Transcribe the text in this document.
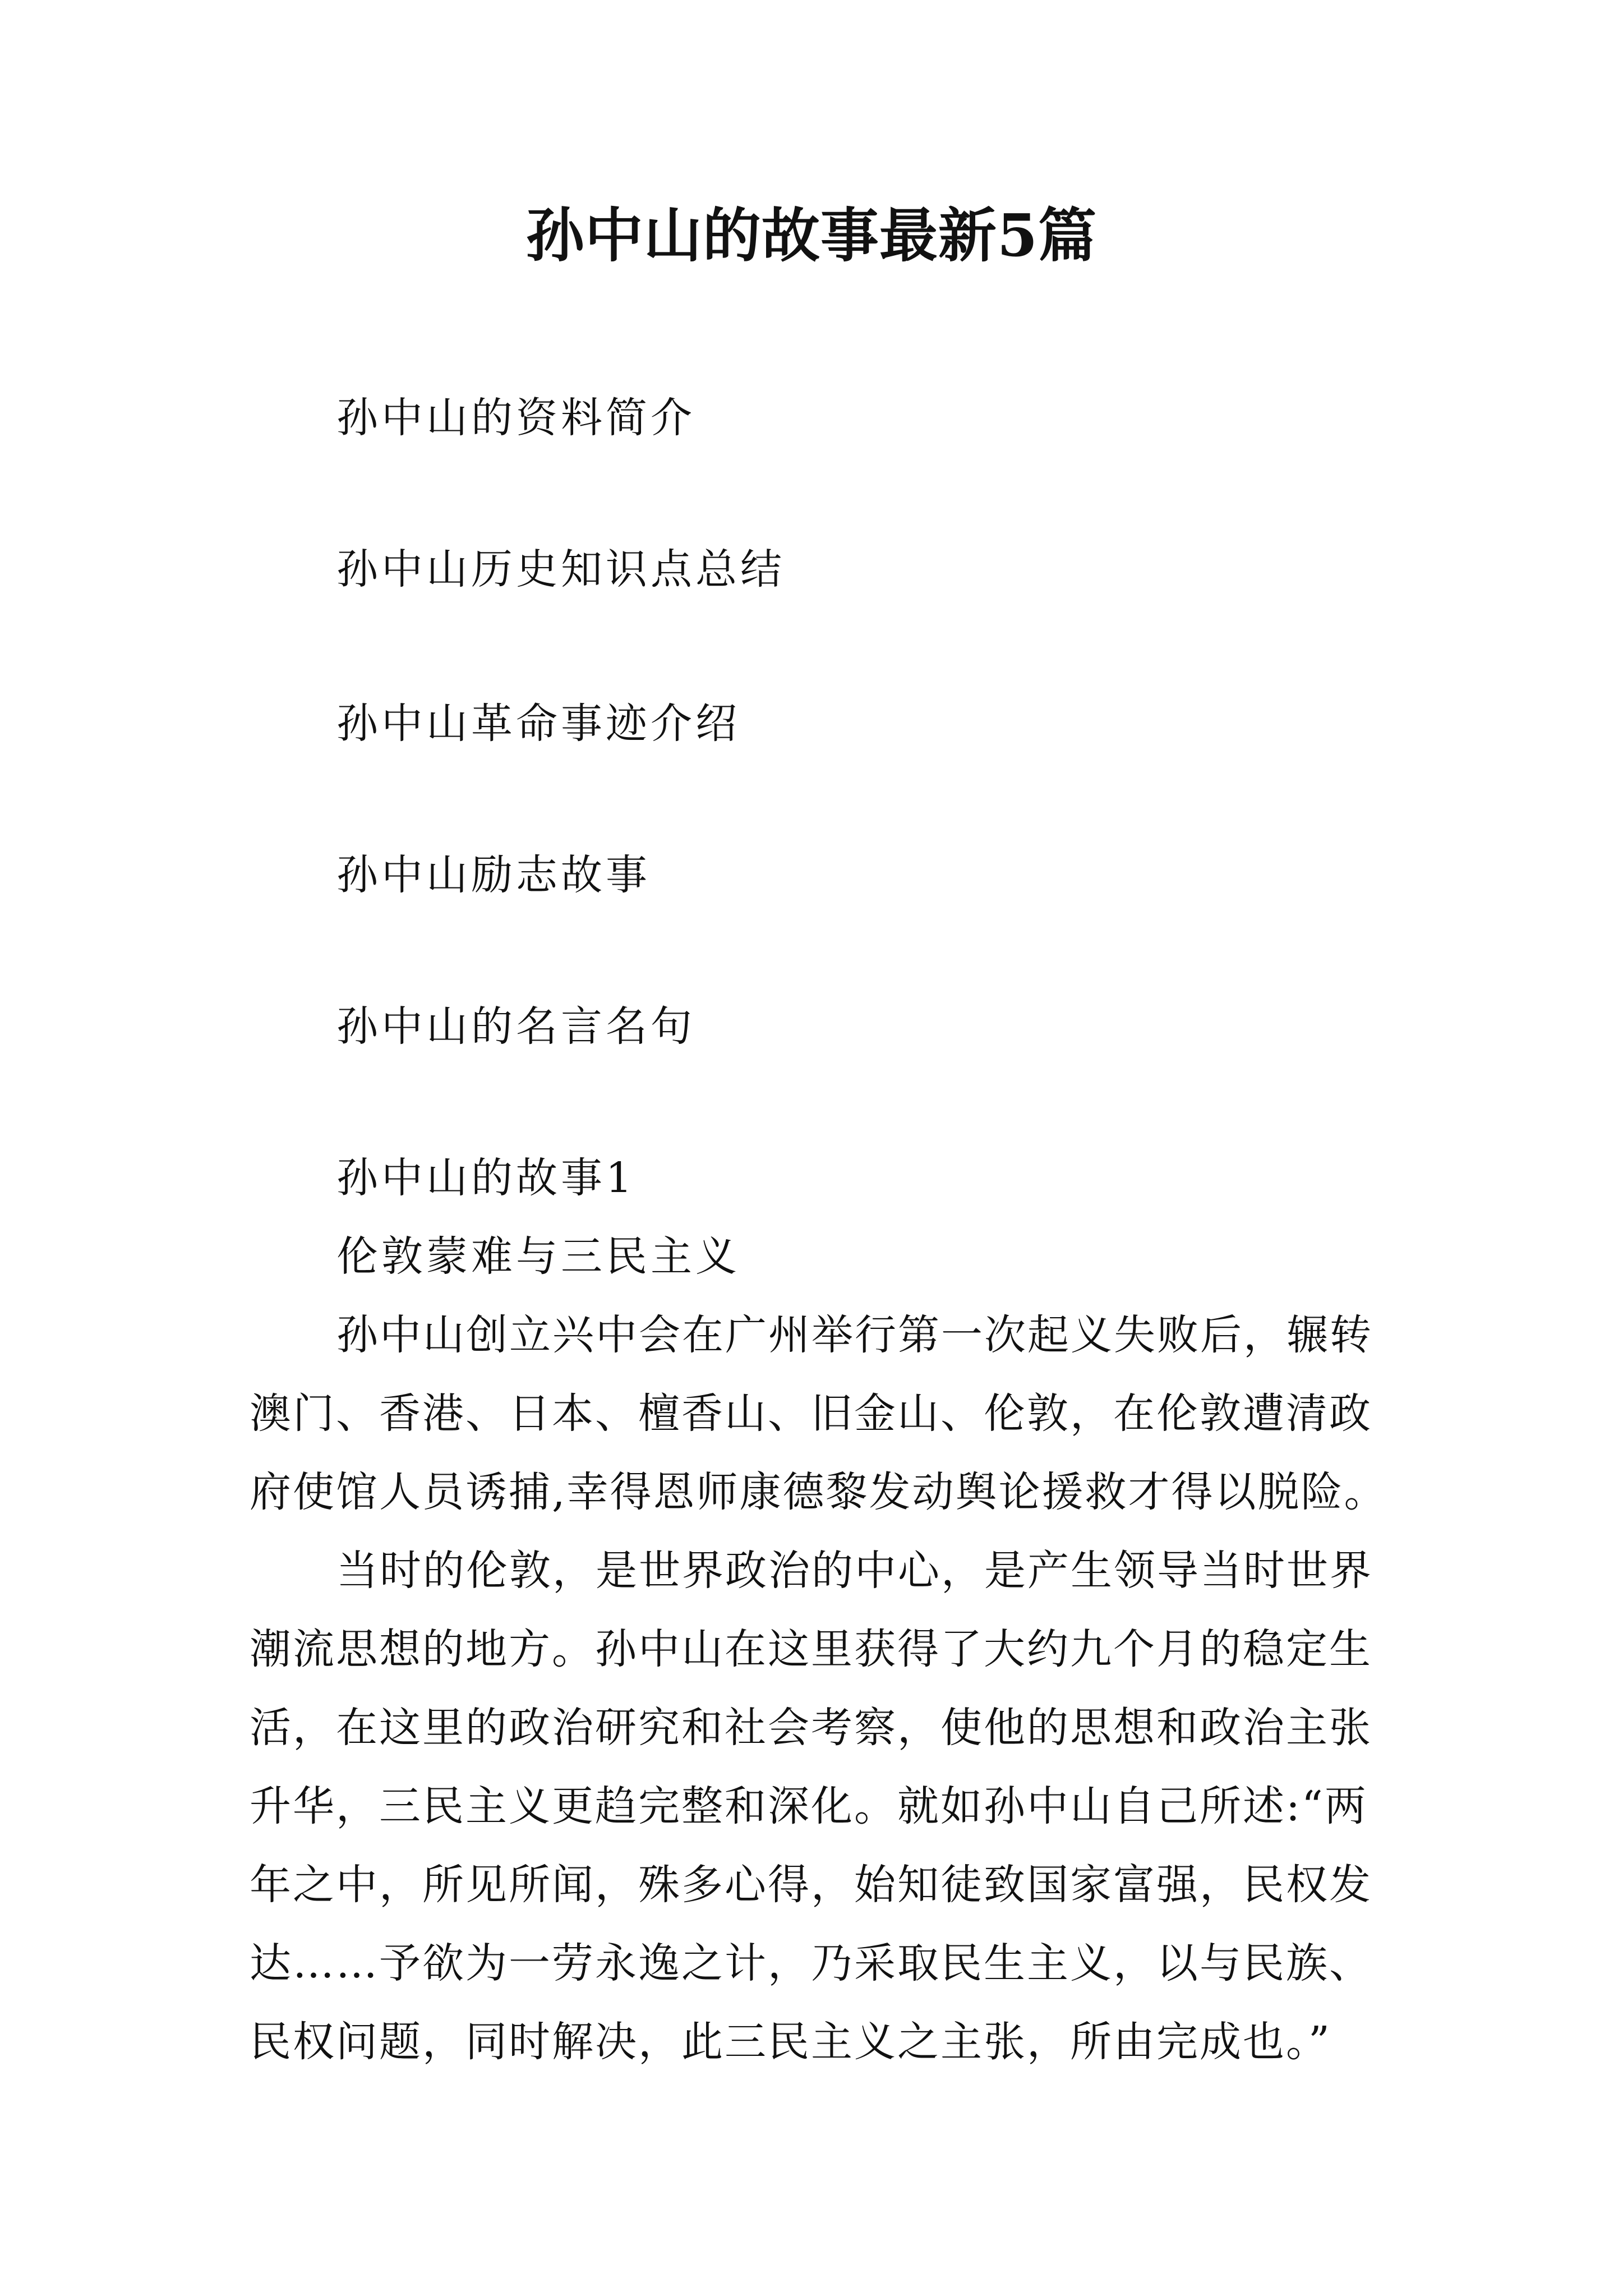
孙中山的故事最新5篇
孙中山的资料简介
孙中山历史知识点总结
孙中山革命事迹介绍
孙中山励志故事
孙中山的名言名句
孙中山的故事1
伦敦蒙难与三民主义
孙中山创立兴中会在广州举行第一次起义失败后，辗转
澳门、香港、日本、檀香山、旧金山、伦敦，在伦敦遭清政
府使馆人员诱捕,幸得恩师康德黎发动舆论援救才得以脱险。
当时的伦敦，是世界政治的中心，是产生领导当时世界
潮流思想的地方。孙中山在这里获得了大约九个月的稳定生
活，在这里的政治研究和社会考察，使他的思想和政治主张
升华，三民主义更趋完整和深化。就如孙中山自己所述:“两
年之中，所见所闻，殊多心得，始知徒致国家富强，民权发
达……予欲为一劳永逸之计，乃采取民生主义，以与民族、
民权问题，同时解决，此三民主义之主张，所由完成也。”
